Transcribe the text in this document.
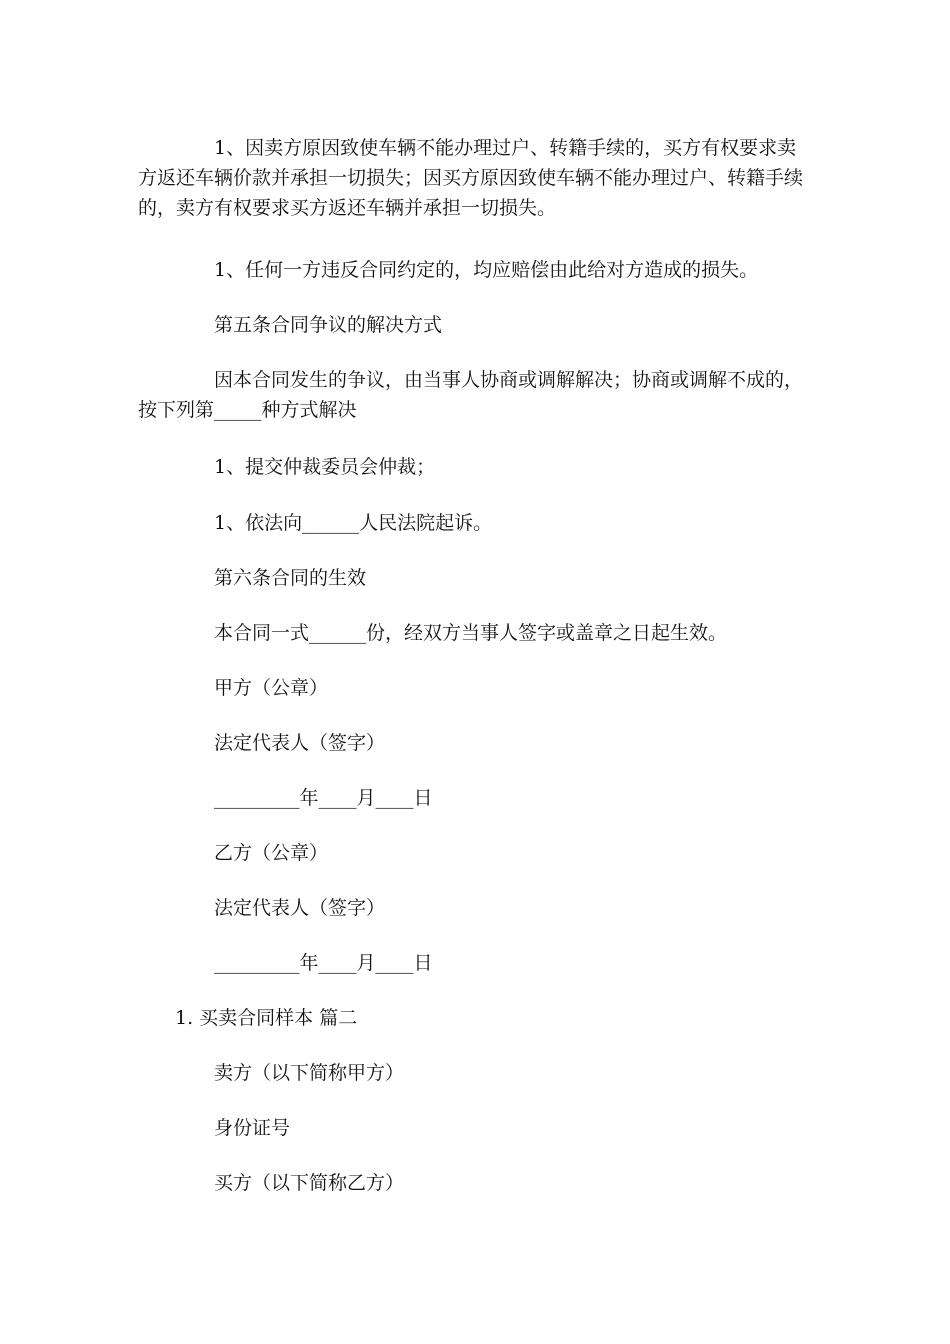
1、因卖方原因致使车辆不能办理过户、转籍手续的，买方有权要求卖方返还车辆价款并承担一切损失；因买方原因致使车辆不能办理过户、转籍手续的，卖方有权要求买方返还车辆并承担一切损失。

1、任何一方违反合同约定的，均应赔偿由此给对方造成的损失。

第五条合同争议的解决方式

因本合同发生的争议，由当事人协商或调解解决；协商或调解不成的，按下列第_____种方式解决

1、提交仲裁委员会仲裁；

1、依法向______人民法院起诉。

第六条合同的生效

本合同一式______份，经双方当事人签字或盖章之日起生效。

甲方（公章）

法定代表人（签字）

_________年____月____日

乙方（公章）

法定代表人（签字）

_________年____月____日

1. 买卖合同样本 篇二

卖方（以下简称甲方）

身份证号

买方（以下简称乙方）
